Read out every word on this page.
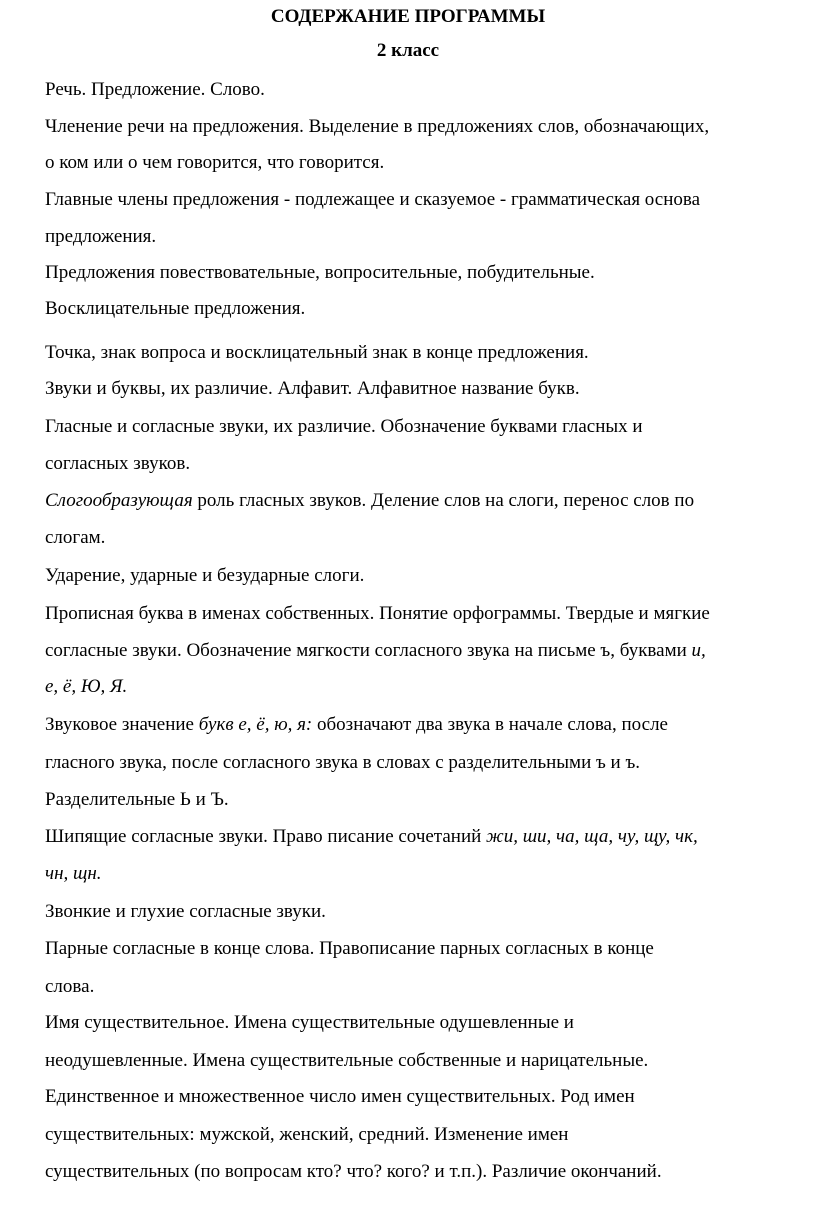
СОДЕРЖАНИЕ ПРОГРАММЫ
2 класс
Речь. Предложение. Слово.
Членение речи на предложения. Выделение в предложениях слов, обозначающих,
о ком или о чем говорится, что говорится.
Главные члены предложения - подлежащее и сказуемое - грамматическая основа
предложения.
Предложения повествовательные, вопросительные, побудительные.
Восклицательные предложения.
Точка, знак вопроса и восклицательный знак в конце предложения.
Звуки и буквы, их различие. Алфавит. Алфавитное название букв.
Гласные и согласные звуки, их различие. Обозначение буквами гласных и
согласных звуков.
Слогообразующая роль гласных звуков. Деление слов на слоги, перенос слов по
слогам.
Ударение, ударные и безударные слоги.
Прописная буква в именах собственных. Понятие орфограммы. Твердые и мягкие
согласные звуки. Обозначение мягкости согласного звука на письме ъ, буквами и,
е, ё, Ю, Я.
Звуковое значение букв е, ё, ю, я: обозначают два звука в начале слова, после
гласного звука, после согласного звука в словах с разделительными ъ и ъ.
Разделительные Ь и Ъ.
Шипящие согласные звуки. Право писание сочетаний жи, ши, ча, ща, чу, щу, чк,
чн, щн.
Звонкие и глухие согласные звуки.
Парные согласные в конце слова. Правописание парных согласных в конце
слова.
Имя существительное. Имена существительные одушевленные и
неодушевленные. Имена существительные собственные и нарицательные.
Единственное и множественное число имен существительных. Род имен
существительных: мужской, женский, средний. Изменение имен
существительных (по вопросам кто? что? кого? и т.п.). Различие окончаний.
